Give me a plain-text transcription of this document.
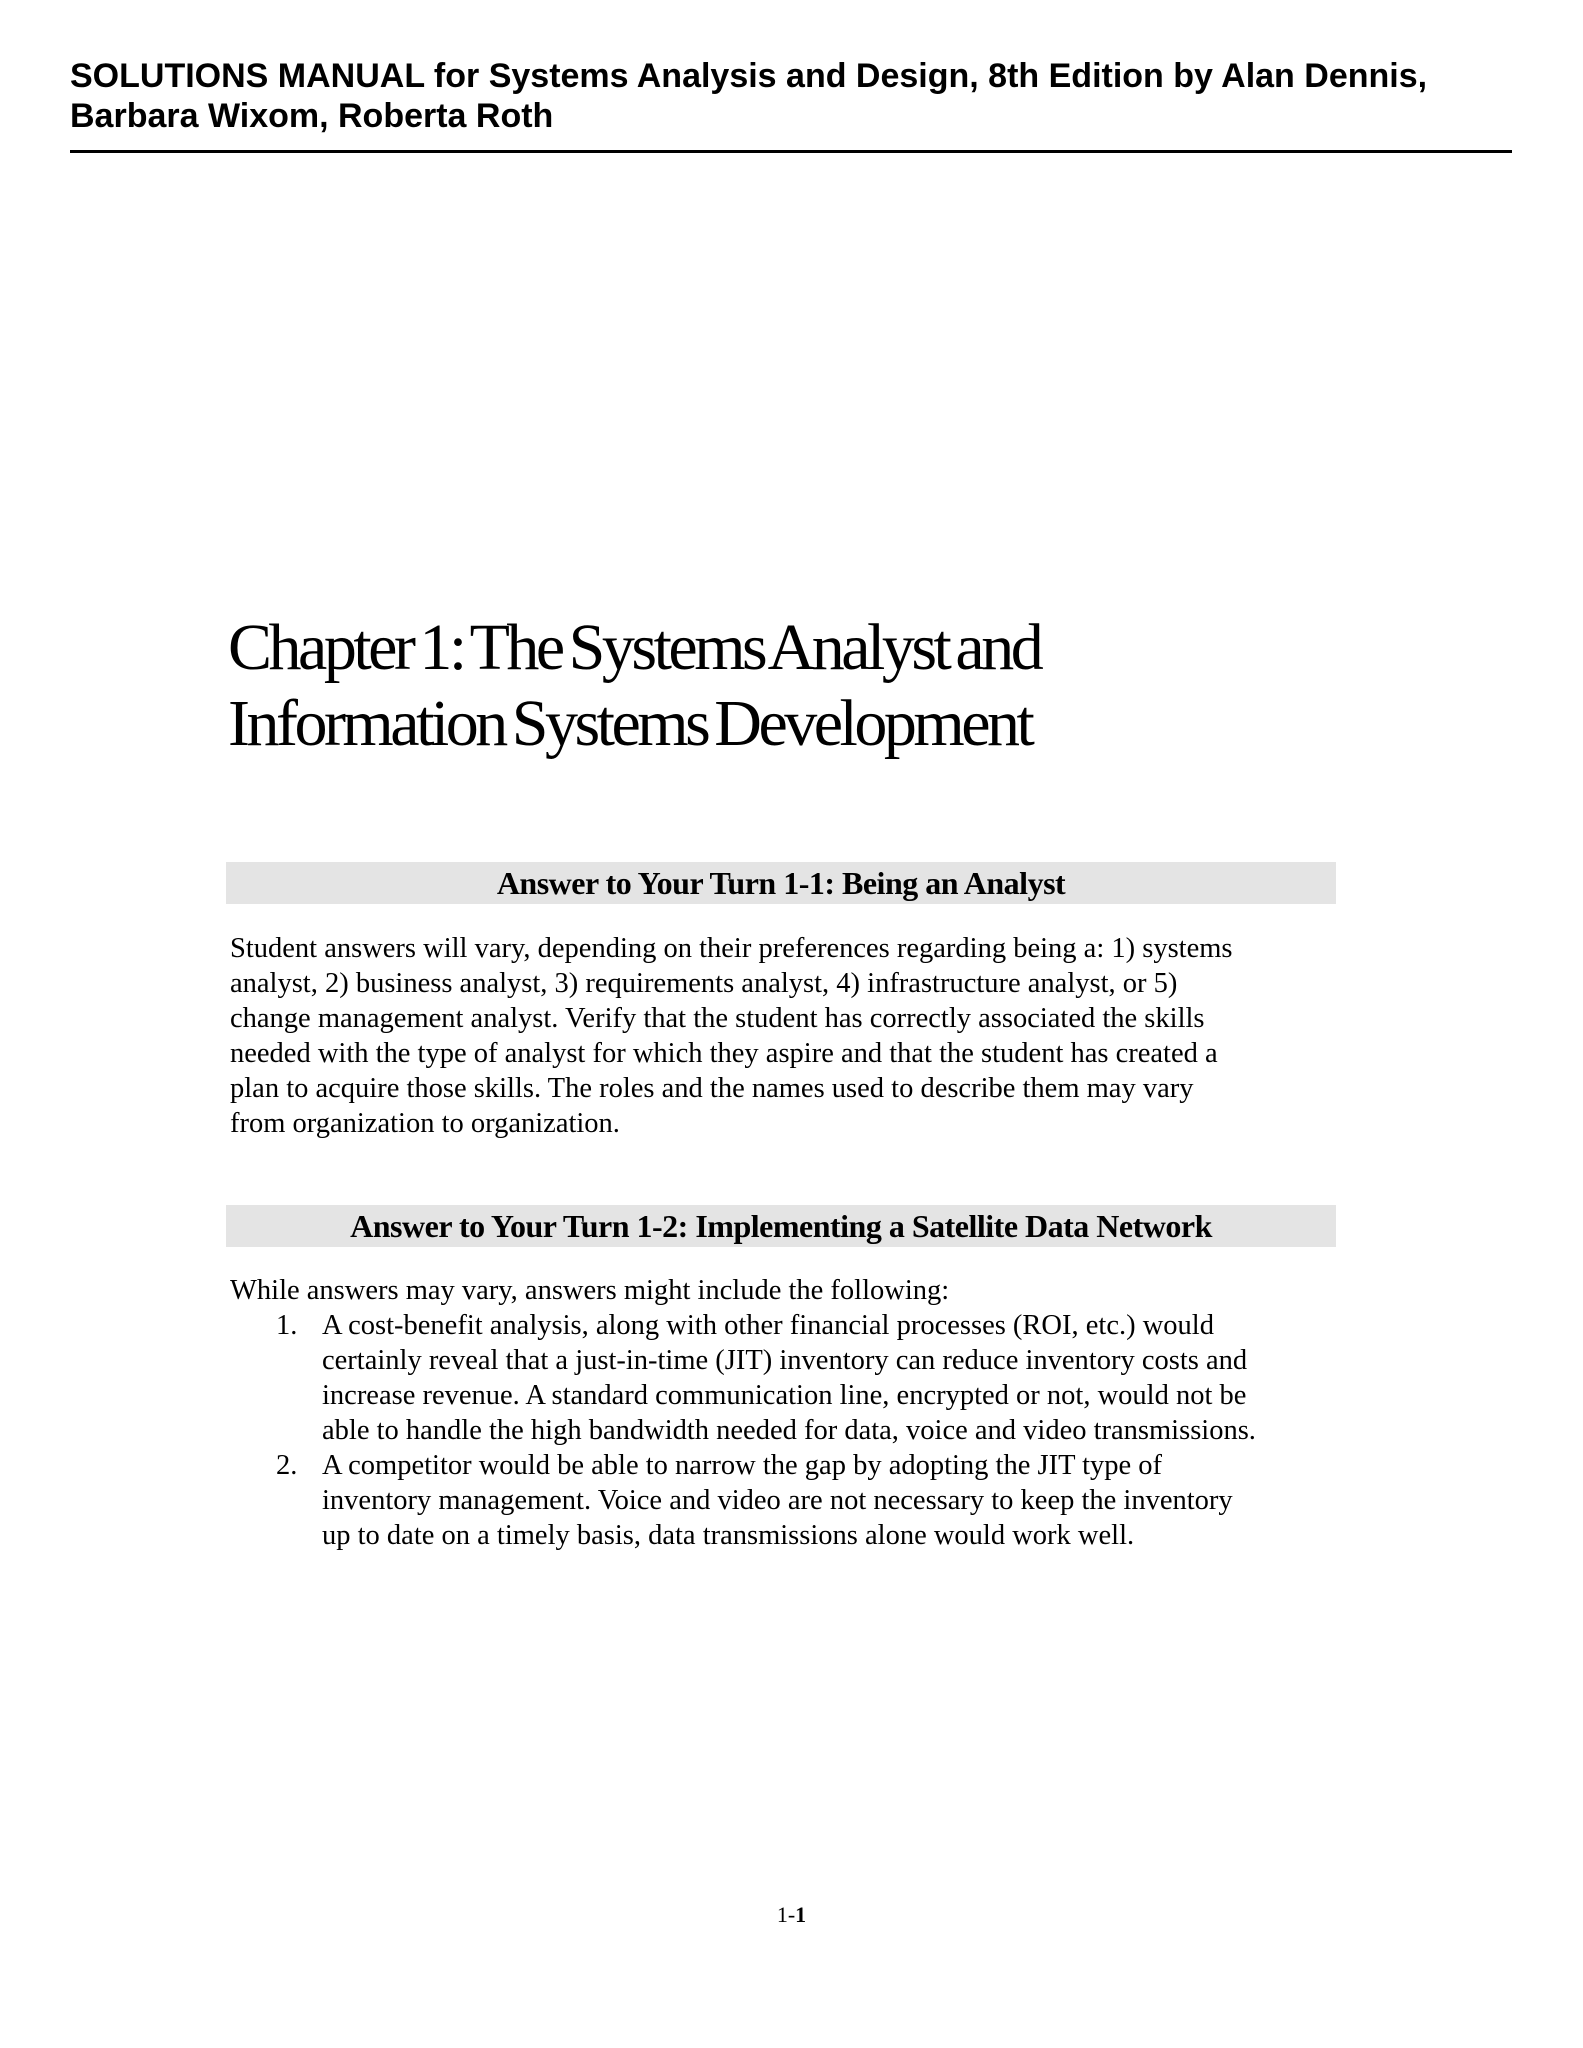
SOLUTIONS MANUAL for Systems Analysis and Design, 8th Edition by Alan Dennis,
Barbara Wixom, Roberta Roth
Chapter 1: The Systems Analyst and
Information Systems Development
Answer to Your Turn 1-1: Being an Analyst
Student answers will vary, depending on their preferences regarding being a: 1) systems
analyst, 2) business analyst, 3) requirements analyst, 4) infrastructure analyst, or 5)
change management analyst. Verify that the student has correctly associated the skills
needed with the type of analyst for which they aspire and that the student has created a
plan to acquire those skills. The roles and the names used to describe them may vary
from organization to organization.
Answer to Your Turn 1-2: Implementing a Satellite Data Network
While answers may vary, answers might include the following:
1. A cost-benefit analysis, along with other financial processes (ROI, etc.) would
certainly reveal that a just-in-time (JIT) inventory can reduce inventory costs and
increase revenue. A standard communication line, encrypted or not, would not be
able to handle the high bandwidth needed for data, voice and video transmissions.
2. A competitor would be able to narrow the gap by adopting the JIT type of
inventory management. Voice and video are not necessary to keep the inventory
up to date on a timely basis, data transmissions alone would work well.
1-1
